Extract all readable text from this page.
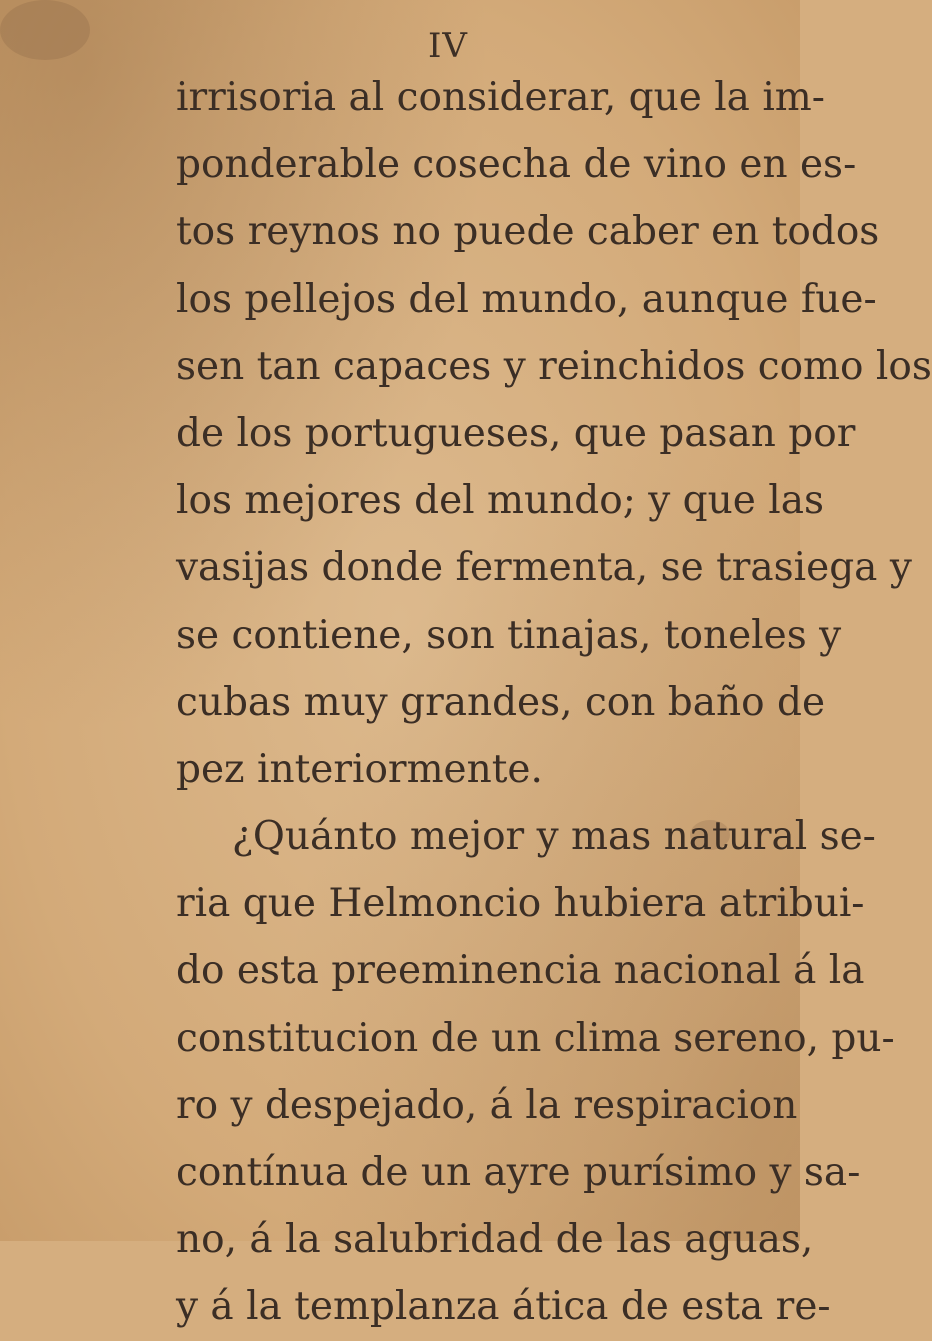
IV
irrisoria al considerar, que la im-
ponderable cosecha de vino en es-
tos reynos no puede caber en todos
los pellejos del mundo, aunque fue-
sen tan capaces y reinchidos como los
de los portugueses, que pasan por
los mejores del mundo; y que las
vasijas donde fermenta, se trasiega y
se contiene, son tinajas, toneles y
cubas muy grandes, con baño de
pez interiormente.
¿Quánto mejor y mas natural se-
ria que Helmoncio hubiera atribui-
do esta preeminencia nacional á la
constitucion de un clima sereno, pu-
ro y despejado, á la respiracion
contínua de un ayre purísimo y sa-
no, á la salubridad de las aguas,
y á la templanza ática de esta re-
